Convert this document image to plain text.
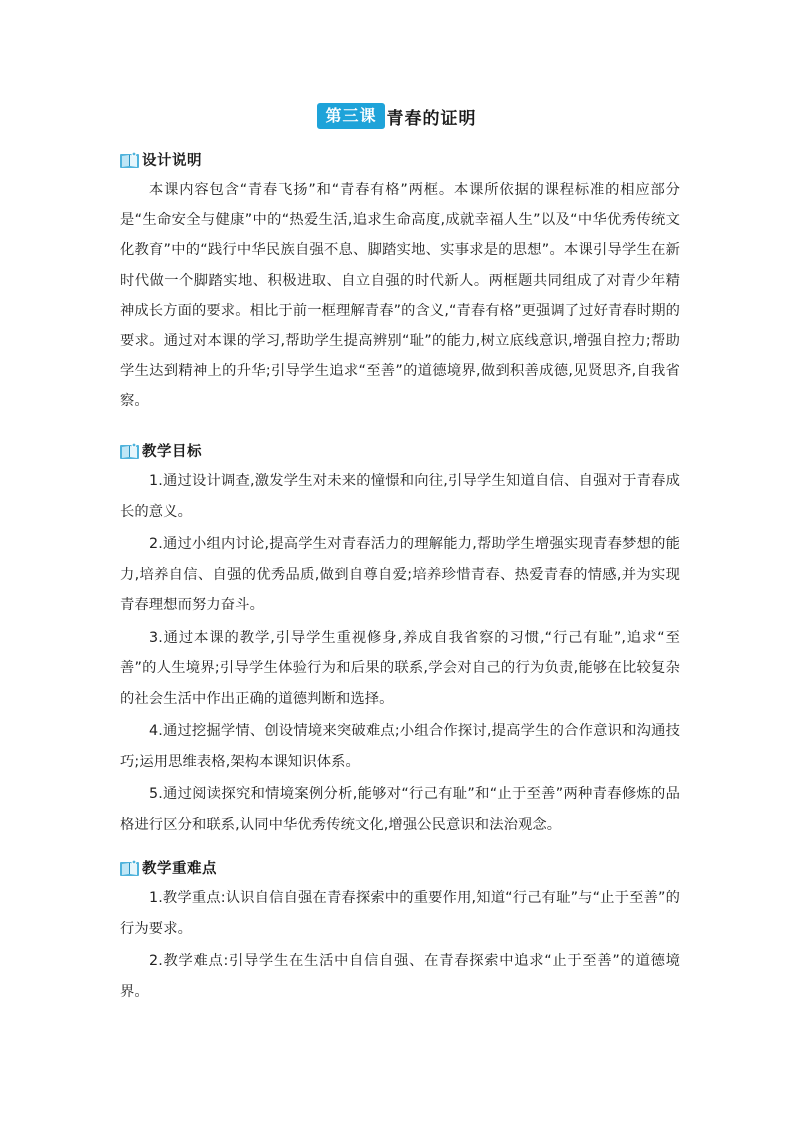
第三课 青春的证明
设计说明

本课内容包含“青春飞扬”和“青春有格”两框。本课所依据的课程标准的相应部分是“生命安全与健康”中的“热爱生活,追求生命高度,成就幸福人生”以及“中华优秀传统文化教育”中的“践行中华民族自强不息、脚踏实地、实事求是的思想”。本课引导学生在新时代做一个脚踏实地、积极进取、自立自强的时代新人。两框题共同组成了对青少年精神成长方面的要求。相比于前一框理解青春”的含义,“青春有格”更强调了过好青春时期的要求。通过对本课的学习,帮助学生提高辨别“耻”的能力,树立底线意识,增强自控力;帮助学生达到精神上的升华;引导学生追求“至善”的道德境界,做到积善成德,见贤思齐,自我省察。

教学目标

1.通过设计调查,激发学生对未来的憧憬和向往,引导学生知道自信、自强对于青春成长的意义。

2.通过小组内讨论,提高学生对青春活力的理解能力,帮助学生增强实现青春梦想的能力,培养自信、自强的优秀品质,做到自尊自爱;培养珍惜青春、热爱青春的情感,并为实现青春理想而努力奋斗。

3.通过本课的教学,引导学生重视修身,养成自我省察的习惯,“行己有耻”,追求“至善”的人生境界;引导学生体验行为和后果的联系,学会对自己的行为负责,能够在比较复杂的社会生活中作出正确的道德判断和选择。

4.通过挖掘学情、创设情境来突破难点;小组合作探讨,提高学生的合作意识和沟通技巧;运用思维表格,架构本课知识体系。

5.通过阅读探究和情境案例分析,能够对“行己有耻”和“止于至善”两种青春修炼的品格进行区分和联系,认同中华优秀传统文化,增强公民意识和法治观念。

教学重难点

1.教学重点:认识自信自强在青春探索中的重要作用,知道“行己有耻”与“止于至善”的行为要求。

2.教学难点:引导学生在生活中自信自强、在青春探索中追求“止于至善”的道德境界。
